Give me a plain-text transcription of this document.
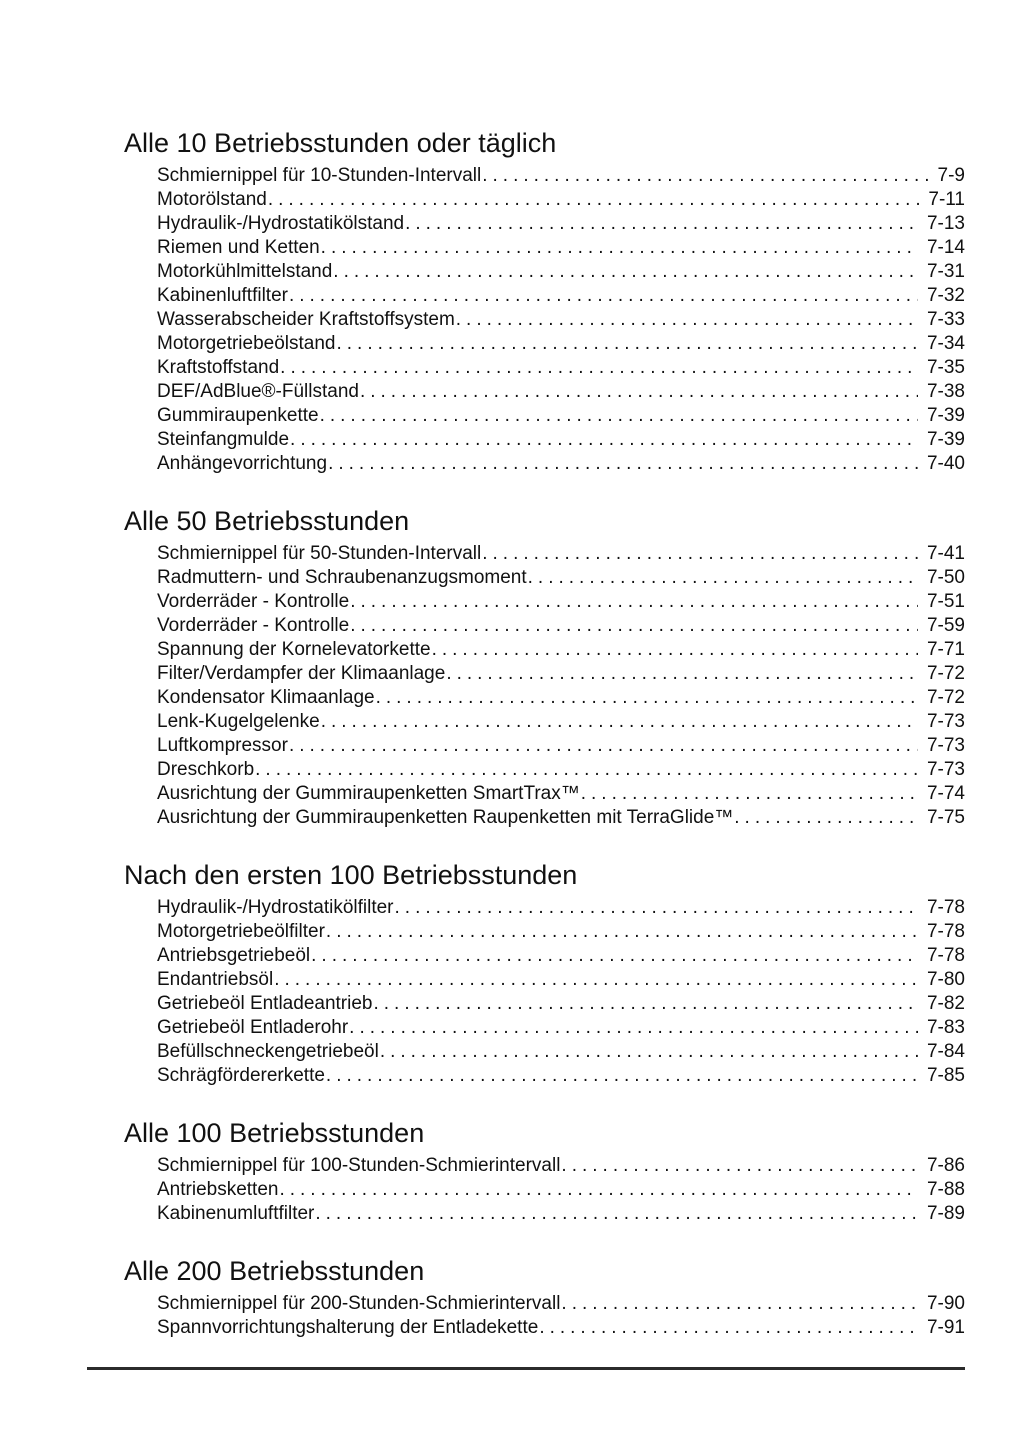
Alle 10 Betriebsstunden oder täglich
Schmiernippel für 10-Stunden-Intervall .....	7-9
Motorölstand .....	7-11
Hydraulik-/Hydrostatikölstand .....	7-13
Riemen und Ketten .....	7-14
Motorkühlmittelstand .....	7-31
Kabinenluftfilter .....	7-32
Wasserabscheider Kraftstoffsystem .....	7-33
Motorgetriebeölstand .....	7-34
Kraftstoffstand .....	7-35
DEF/AdBlue®-Füllstand .....	7-38
Gummiraupenkette .....	7-39
Steinfangmulde .....	7-39
Anhängevorrichtung .....	7-40
Alle 50 Betriebsstunden
Schmiernippel für 50-Stunden-Intervall .....	7-41
Radmuttern- und Schraubenanzugsmoment .....	7-50
Vorderräder - Kontrolle .....	7-51
Vorderräder - Kontrolle .....	7-59
Spannung der Kornelevatorkette .....	7-71
Filter/Verdampfer der Klimaanlage .....	7-72
Kondensator Klimaanlage .....	7-72
Lenk-Kugelgelenke .....	7-73
Luftkompressor .....	7-73
Dreschkorb .....	7-73
Ausrichtung der Gummiraupenketten SmartTrax™ .....	7-74
Ausrichtung der Gummiraupenketten Raupenketten mit TerraGlide™ .....	7-75
Nach den ersten 100 Betriebsstunden
Hydraulik-/Hydrostatikölfilter .....	7-78
Motorgetriebeölfilter .....	7-78
Antriebsgetriebeöl .....	7-78
Endantriebsöl .....	7-80
Getriebeöl Entladeantrieb .....	7-82
Getriebeöl Entladerohr .....	7-83
Befüllschneckengetriebeöl .....	7-84
Schrägfördererkette .....	7-85
Alle 100 Betriebsstunden
Schmiernippel für 100-Stunden-Schmierintervall .....	7-86
Antriebsketten .....	7-88
Kabinenumluftfilter .....	7-89
Alle 200 Betriebsstunden
Schmiernippel für 200-Stunden-Schmierintervall .....	7-90
Spannvorrichtungshalterung der Entladekette .....	7-91
